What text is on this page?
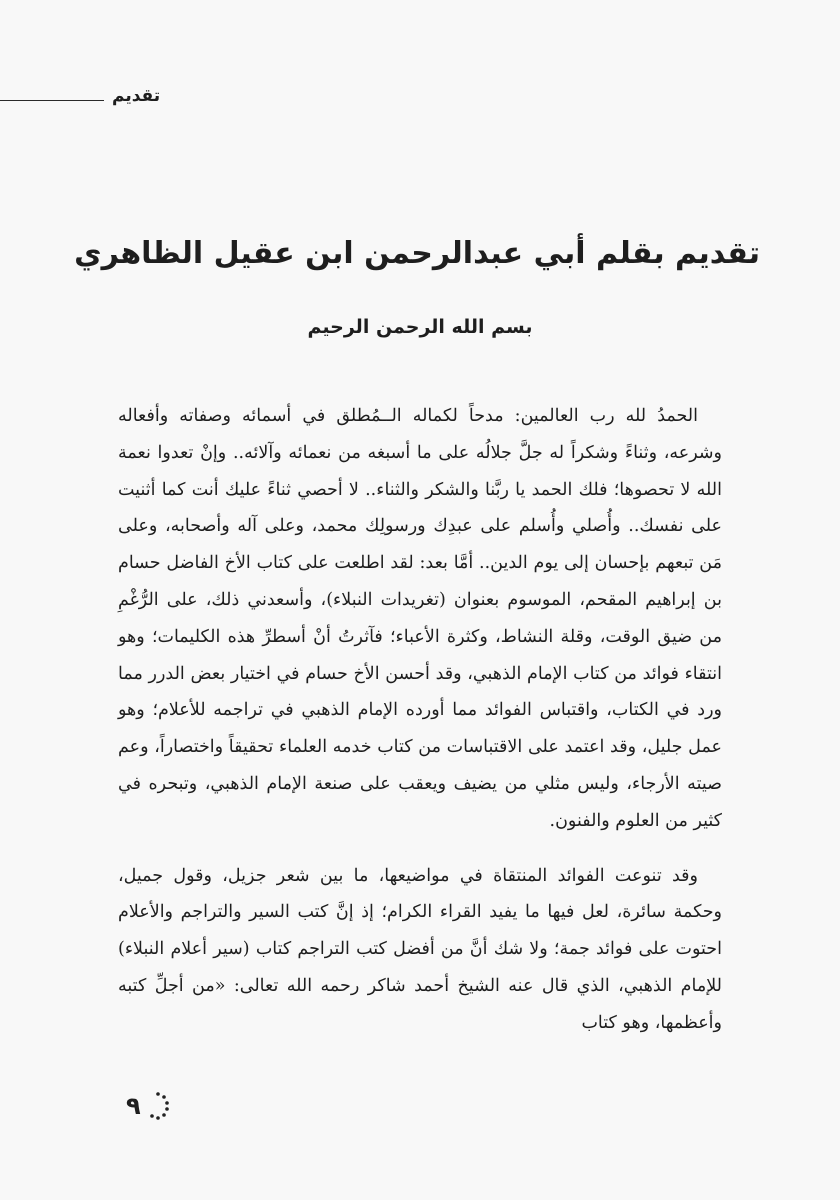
تقديم
تقديم بقلم أبي عبدالرحمن ابن عقيل الظاهري
بسم الله الرحمن الرحيم

الحمدُ لله رب العالمين: مدحاً لكماله الــمُطلق في أسمائه وصفاته وأفعاله وشرعه، وثناءً وشكراً له جلَّ جلالُه على ما أسبغه من نعمائه وآلائه.. وإنْ تعدوا نعمة الله لا تحصوها؛ فلك الحمد يا ربَّنا والشكر والثناء.. لا أحصي ثناءً عليك أنت كما أثنيت على نفسك.. وأُصلي وأُسلم على عبدِك ورسولِك محمد، وعلى آله وأصحابه، وعلى مَن تبعهم بإحسان إلى يوم الدين.. أمَّا بعد: لقد اطلعت على كتاب الأخ الفاضل حسام بن إبراهيم المقحم، الموسوم بعنوان (تغريدات النبلاء)، وأسعدني ذلك، على الرُّغْمِ من ضيق الوقت، وقلة النشاط، وكثرة الأعباء؛ فآثرتُ أنْ أسطرِّ هذه الكليمات؛ وهو انتقاء فوائد من كتاب الإمام الذهبي، وقد أحسن الأخ حسام في اختيار بعض الدرر مما ورد في الكتاب، واقتباس الفوائد مما أورده الإمام الذهبي في تراجمه للأعلام؛ وهو عمل جليل، وقد اعتمد على الاقتباسات من كتاب خدمه العلماء تحقيقاً واختصاراً، وعم صيته الأرجاء، وليس مثلي من يضيف ويعقب على صنعة الإمام الذهبي، وتبحره في كثير من العلوم والفنون.

وقد تنوعت الفوائد المنتقاة في مواضيعها، ما بين شعر جزيل، وقول جميل، وحكمة سائرة، لعل فيها ما يفيد القراء الكرام؛ إذ إنَّ كتب السير والتراجم والأعلام احتوت على فوائد جمة؛ ولا شك أنَّ من أفضل كتب التراجم كتاب (سير أعلام النبلاء) للإمام الذهبي، الذي قال عنه الشيخ أحمد شاكر رحمه الله تعالى: «من أجلِّ كتبه وأعظمها، وهو كتاب

٩
